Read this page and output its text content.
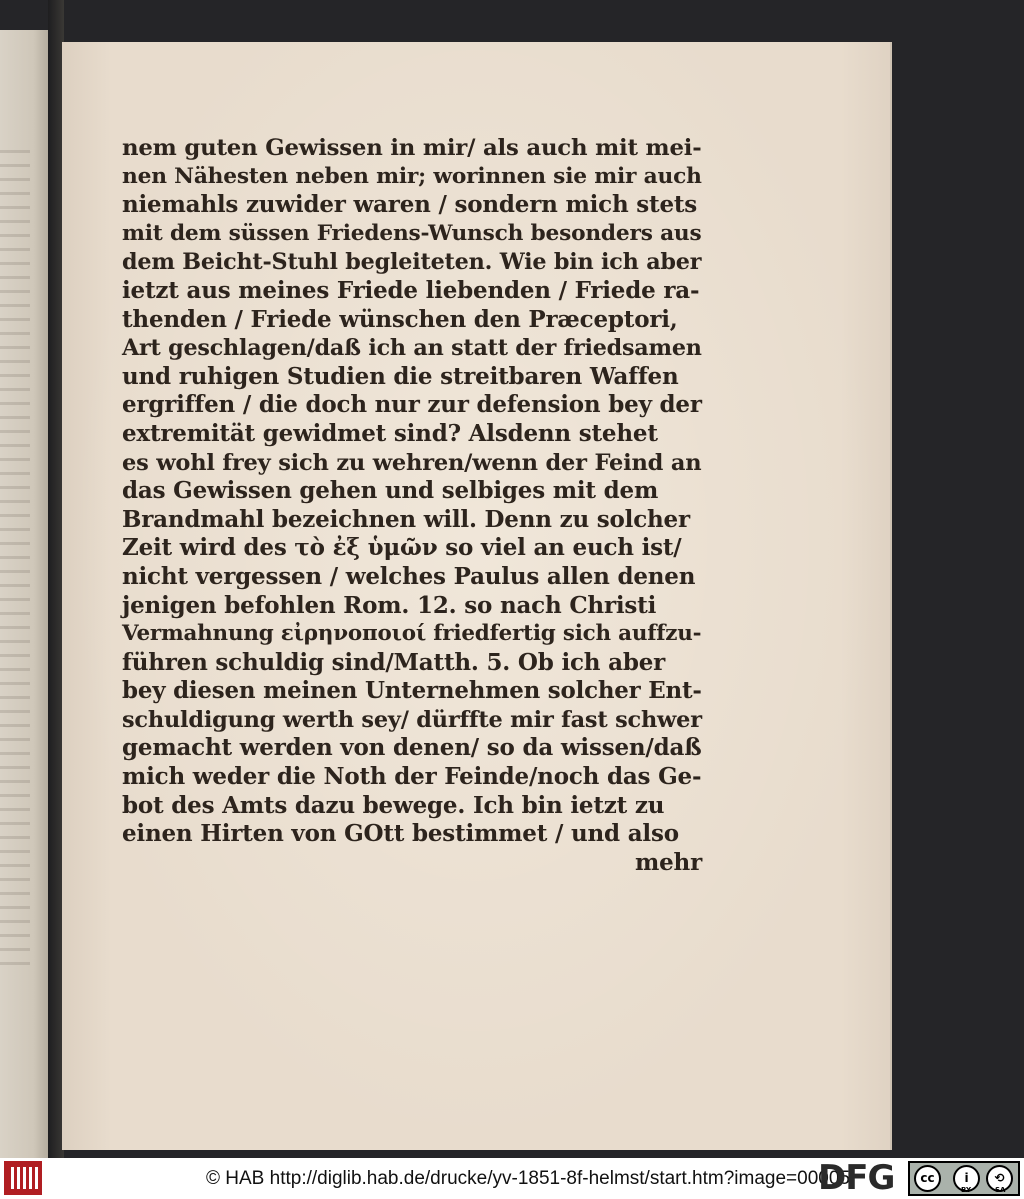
nem guten Gewissen in mir/ als auch mit mei-
nen Nähesten neben mir; worinnen sie mir auch
niemahls zuwider waren / sondern mich stets
mit dem süssen Friedens-Wunsch besonders aus
dem Beicht-Stuhl begleiteten. Wie bin ich aber
ietzt aus meines Friede liebenden / Friede ra-
thenden / Friede wünschen den Præceptori,
Art geschlagen/daß ich an statt der friedsamen
und ruhigen Studien die streitbaren Waffen
ergriffen / die doch nur zur defension bey der
extremität gewidmet sind? Alsdenn stehet
es wohl frey sich zu wehren/wenn der Feind an
das Gewissen gehen und selbiges mit dem
Brandmahl bezeichnen will. Denn zu solcher
Zeit wird des τὸ ἐξ ὑμῶν so viel an euch ist/
nicht vergessen / welches Paulus allen denen
jenigen befohlen Rom. 12. so nach Christi
Vermahnung εἰρηνοποιοί friedfertig sich auffzu-
führen schuldig sind/Matth. 5. Ob ich aber
bey diesen meinen Unternehmen solcher Ent-
schuldigung werth sey/ dürffte mir fast schwer
gemacht werden von denen/ so da wissen/daß
mich weder die Noth der Feinde/noch das Ge-
bot des Amts dazu bewege. Ich bin ietzt zu
einen Hirten von GOtt bestimmet / und also
mehr
© HAB http://diglib.hab.de/drucke/yv-1851-8f-helmst/start.htm?image=00005
DFG	cc	i	⟲
BY	SA
